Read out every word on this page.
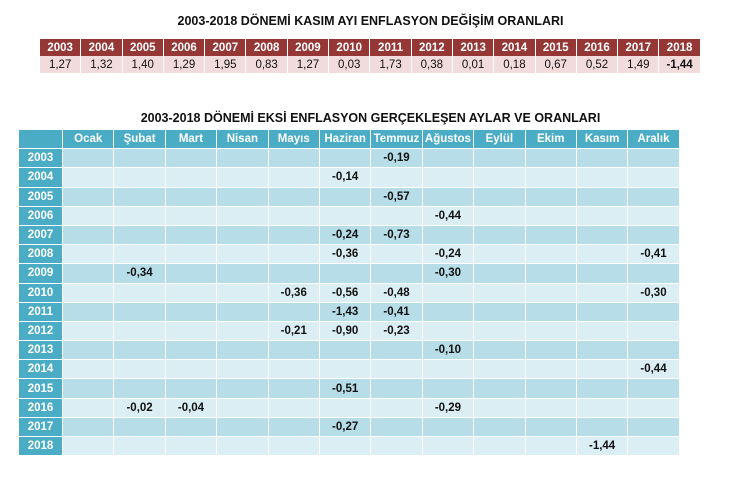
2003-2018 DÖNEMİ KASIM AYI ENFLASYON DEĞİŞİM ORANLARI
2003	2004	2005	2006	2007	2008	2009	2010	2011	2012	2013	2014	2015	2016	2017	2018
1,27	1,32	1,40	1,29	1,95	0,83	1,27	0,03	1,73	0,38	0,01	0,18	0,67	0,52	1,49	-1,44
2003-2018 DÖNEMİ EKSİ ENFLASYON GERÇEKLEŞEN AYLAR VE ORANLARI
	Ocak	Şubat	Mart	Nisan	Mayıs	Haziran	Temmuz	Ağustos	Eylül	Ekim	Kasım	Aralık
2003							-0,19					
2004						-0,14						
2005							-0,57					
2006								-0,44				
2007						-0,24	-0,73					
2008						-0,36		-0,24				-0,41
2009		-0,34						-0,30				
2010					-0,36	-0,56	-0,48					-0,30
2011						-1,43	-0,41					
2012					-0,21	-0,90	-0,23					
2013								-0,10				
2014												-0,44
2015						-0,51						
2016		-0,02	-0,04					-0,29				
2017						-0,27						
2018											-1,44	
